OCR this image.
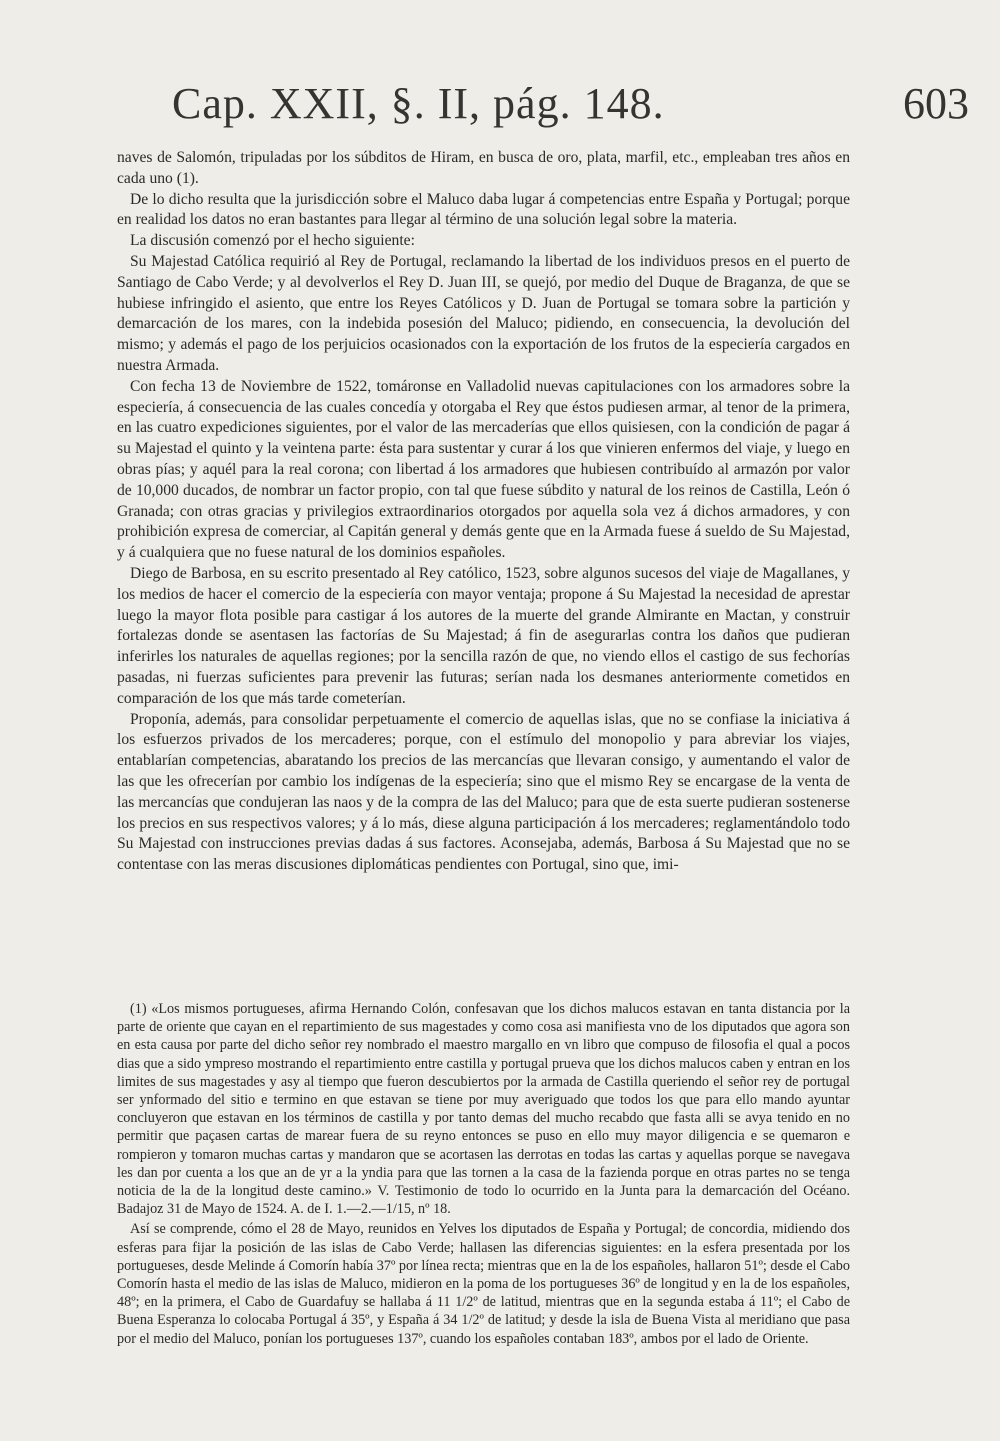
Cap. XXII, §. II, pág. 148.	603

naves de Salomón, tripuladas por los súbditos de Hiram, en busca de oro, plata, marfil, etc., empleaban tres años en cada uno (1).

De lo dicho resulta que la jurisdicción sobre el Maluco daba lugar á competencias entre España y Portugal; porque en realidad los datos no eran bastantes para llegar al término de una solución legal sobre la materia.

La discusión comenzó por el hecho siguiente:

Su Majestad Católica requirió al Rey de Portugal, reclamando la libertad de los individuos presos en el puerto de Santiago de Cabo Verde; y al devolverlos el Rey D. Juan III, se quejó, por medio del Duque de Braganza, de que se hubiese infringido el asiento, que entre los Reyes Católicos y D. Juan de Portugal se tomara sobre la partición y demarcación de los mares, con la indebida posesión del Maluco; pidiendo, en consecuencia, la devolución del mismo; y además el pago de los perjuicios ocasionados con la exportación de los frutos de la especiería cargados en nuestra Armada.

Con fecha 13 de Noviembre de 1522, tomáronse en Valladolid nuevas capitulaciones con los armadores sobre la especiería, á consecuencia de las cuales concedía y otorgaba el Rey que éstos pudiesen armar, al tenor de la primera, en las cuatro expediciones siguientes, por el valor de las mercaderías que ellos quisiesen, con la condición de pagar á su Majestad el quinto y la veintena parte: ésta para sustentar y curar á los que vinieren enfermos del viaje, y luego en obras pías; y aquél para la real corona; con libertad á los armadores que hubiesen contribuído al armazón por valor de 10,000 ducados, de nombrar un factor propio, con tal que fuese súbdito y natural de los reinos de Castilla, León ó Granada; con otras gracias y privilegios extraordinarios otorgados por aquella sola vez á dichos armadores, y con prohibición expresa de comerciar, al Capitán general y demás gente que en la Armada fuese á sueldo de Su Majestad, y á cualquiera que no fuese natural de los dominios españoles.

Diego de Barbosa, en su escrito presentado al Rey católico, 1523, sobre algunos sucesos del viaje de Magallanes, y los medios de hacer el comercio de la especiería con mayor ventaja; propone á Su Majestad la necesidad de aprestar luego la mayor flota posible para castigar á los autores de la muerte del grande Almirante en Mactan, y construir fortalezas donde se asentasen las factorías de Su Majestad; á fin de asegurarlas contra los daños que pudieran inferirles los naturales de aquellas regiones; por la sencilla razón de que, no viendo ellos el castigo de sus fechorías pasadas, ni fuerzas suficientes para prevenir las futuras; serían nada los desmanes anteriormente cometidos en comparación de los que más tarde cometerían.

Proponía, además, para consolidar perpetuamente el comercio de aquellas islas, que no se confiase la iniciativa á los esfuerzos privados de los mercaderes; porque, con el estímulo del monopolio y para abreviar los viajes, entablarían competencias, abaratando los precios de las mercancías que llevaran consigo, y aumentando el valor de las que les ofrecerían por cambio los indígenas de la especiería; sino que el mismo Rey se encargase de la venta de las mercancías que condujeran las naos y de la compra de las del Maluco; para que de esta suerte pudieran sostenerse los precios en sus respectivos valores; y á lo más, diese alguna participación á los mercaderes; reglamentándolo todo Su Majestad con instrucciones previas dadas á sus factores. Aconsejaba, además, Barbosa á Su Majestad que no se contentase con las meras discusiones diplomáticas pendientes con Portugal, sino que, imi-

(1) «Los mismos portugueses, afirma Hernando Colón, confesavan que los dichos malucos estavan en tanta distancia por la parte de oriente que cayan en el repartimiento de sus magestades y como cosa asi manifiesta vno de los diputados que agora son en esta causa por parte del dicho señor rey nombrado el maestro margallo en vn libro que compuso de filosofia el qual a pocos dias que a sido ympreso mostrando el repartimiento entre castilla y portugal prueva que los dichos malucos caben y entran en los limites de sus magestades y asy al tiempo que fueron descubiertos por la armada de Castilla queriendo el señor rey de portugal ser ynformado del sitio e termino en que estavan se tiene por muy averiguado que todos los que para ello mando ayuntar concluyeron que estavan en los términos de castilla y por tanto demas del mucho recabdo que fasta alli se avya tenido en no permitir que paçasen cartas de marear fuera de su reyno entonces se puso en ello muy mayor diligencia e se quemaron e rompieron y tomaron muchas cartas y mandaron que se acortasen las derrotas en todas las cartas y aquellas porque se navegava les dan por cuenta a los que an de yr a la yndia para que las tornen a la casa de la fazienda porque en otras partes no se tenga noticia de la de la longitud deste camino.» V. Testimonio de todo lo ocurrido en la Junta para la demarcación del Océano. Badajoz 31 de Mayo de 1524. A. de I. 1.—2.—1/15, nº 18.

Así se comprende, cómo el 28 de Mayo, reunidos en Yelves los diputados de España y Portugal; de concordia, midiendo dos esferas para fijar la posición de las islas de Cabo Verde; hallasen las diferencias siguientes: en la esfera presentada por los portugueses, desde Melinde á Comorín había 37º por línea recta; mientras que en la de los españoles, hallaron 51º; desde el Cabo Comorín hasta el medio de las islas de Maluco, midieron en la poma de los portugueses 36º de longitud y en la de los españoles, 48º; en la primera, el Cabo de Guardafuy se hallaba á 11 1/2º de latitud, mientras que en la segunda estaba á 11º; el Cabo de Buena Esperanza lo colocaba Portugal á 35º, y España á 34 1/2º de latitud; y desde la isla de Buena Vista al meridiano que pasa por el medio del Maluco, ponían los portugueses 137º, cuando los españoles contaban 183º, ambos por el lado de Oriente.
